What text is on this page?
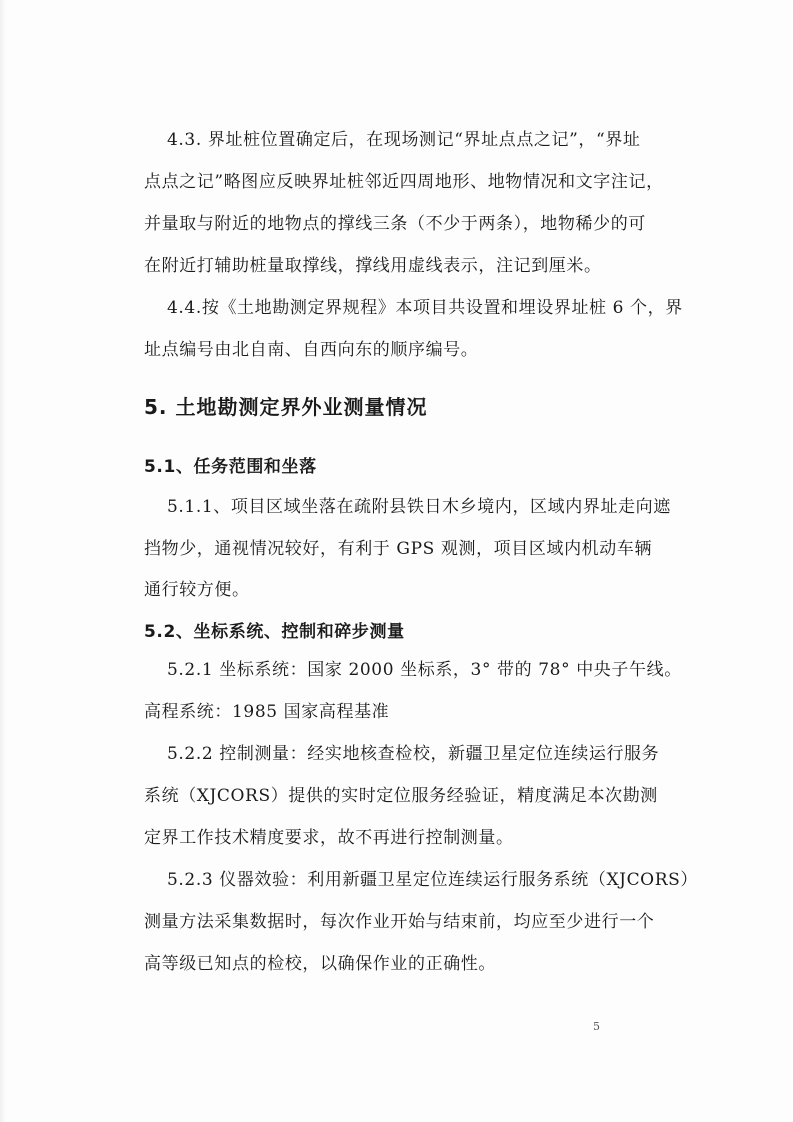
4.3. 界址桩位置确定后，在现场测记“界址点点之记”，“界址
点点之记”略图应反映界址桩邻近四周地形、地物情况和文字注记，
并量取与附近的地物点的撑线三条（不少于两条），地物稀少的可
在附近打辅助桩量取撑线，撑线用虚线表示，注记到厘米。
4.4.按《土地勘测定界规程》本项目共设置和埋设界址桩 6 个，界
址点编号由北自南、自西向东的顺序编号。
5. 土地勘测定界外业测量情况
5.1、任务范围和坐落
5.1.1、项目区域坐落在疏附县铁日木乡境内，区域内界址走向遮
挡物少，通视情况较好，有利于 GPS 观测，项目区域内机动车辆
通行较方便。
5.2、坐标系统、控制和碎步测量
5.2.1 坐标系统：国家 2000 坐标系，3° 带的 78° 中央子午线。
高程系统：1985 国家高程基准
5.2.2 控制测量：经实地核查检校，新疆卫星定位连续运行服务
系统（XJCORS）提供的实时定位服务经验证，精度满足本次勘测
定界工作技术精度要求，故不再进行控制测量。
5.2.3 仪器效验：利用新疆卫星定位连续运行服务系统（XJCORS）
测量方法采集数据时，每次作业开始与结束前，均应至少进行一个
高等级已知点的检校，以确保作业的正确性。
5
